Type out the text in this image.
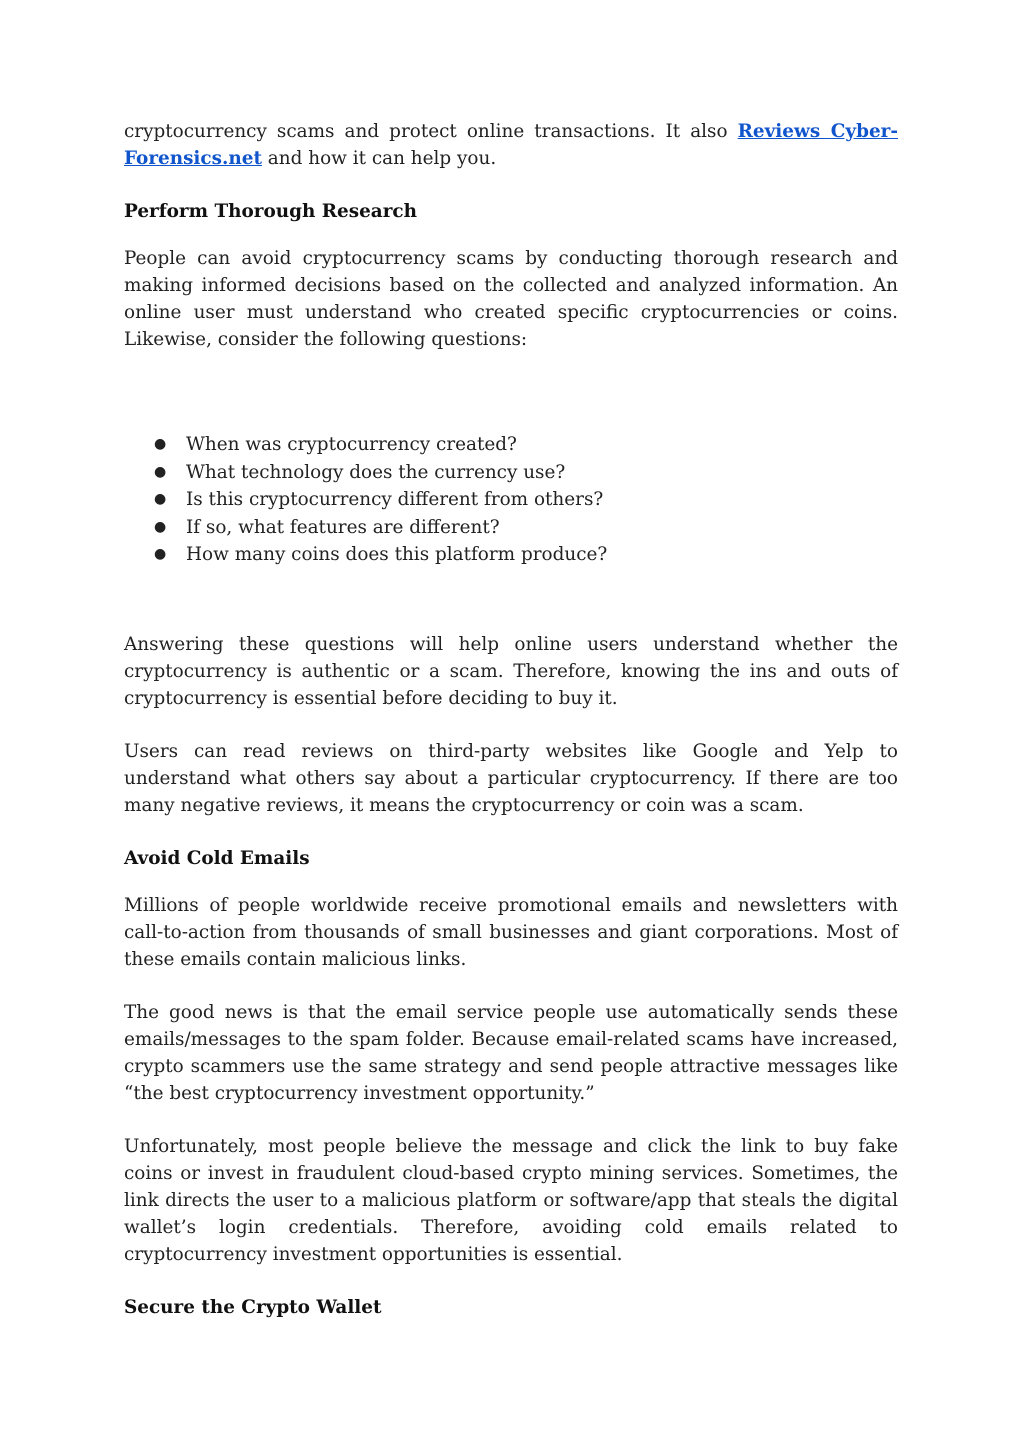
cryptocurrency scams and protect online transactions. It also Reviews Cyber-Forensics.net and how it can help you.

Perform Thorough Research

People can avoid cryptocurrency scams by conducting thorough research and making informed decisions based on the collected and analyzed information. An online user must understand who created specific cryptocurrencies or coins. Likewise, consider the following questions:

● When was cryptocurrency created?
● What technology does the currency use?
● Is this cryptocurrency different from others?
● If so, what features are different?
● How many coins does this platform produce?

Answering these questions will help online users understand whether the cryptocurrency is authentic or a scam. Therefore, knowing the ins and outs of cryptocurrency is essential before deciding to buy it.

Users can read reviews on third-party websites like Google and Yelp to understand what others say about a particular cryptocurrency. If there are too many negative reviews, it means the cryptocurrency or coin was a scam.

Avoid Cold Emails

Millions of people worldwide receive promotional emails and newsletters with call-to-action from thousands of small businesses and giant corporations. Most of these emails contain malicious links.

The good news is that the email service people use automatically sends these emails/messages to the spam folder. Because email-related scams have increased, crypto scammers use the same strategy and send people attractive messages like “the best cryptocurrency investment opportunity.”

Unfortunately, most people believe the message and click the link to buy fake coins or invest in fraudulent cloud-based crypto mining services. Sometimes, the link directs the user to a malicious platform or software/app that steals the digital wallet’s login credentials. Therefore, avoiding cold emails related to cryptocurrency investment opportunities is essential.

Secure the Crypto Wallet
